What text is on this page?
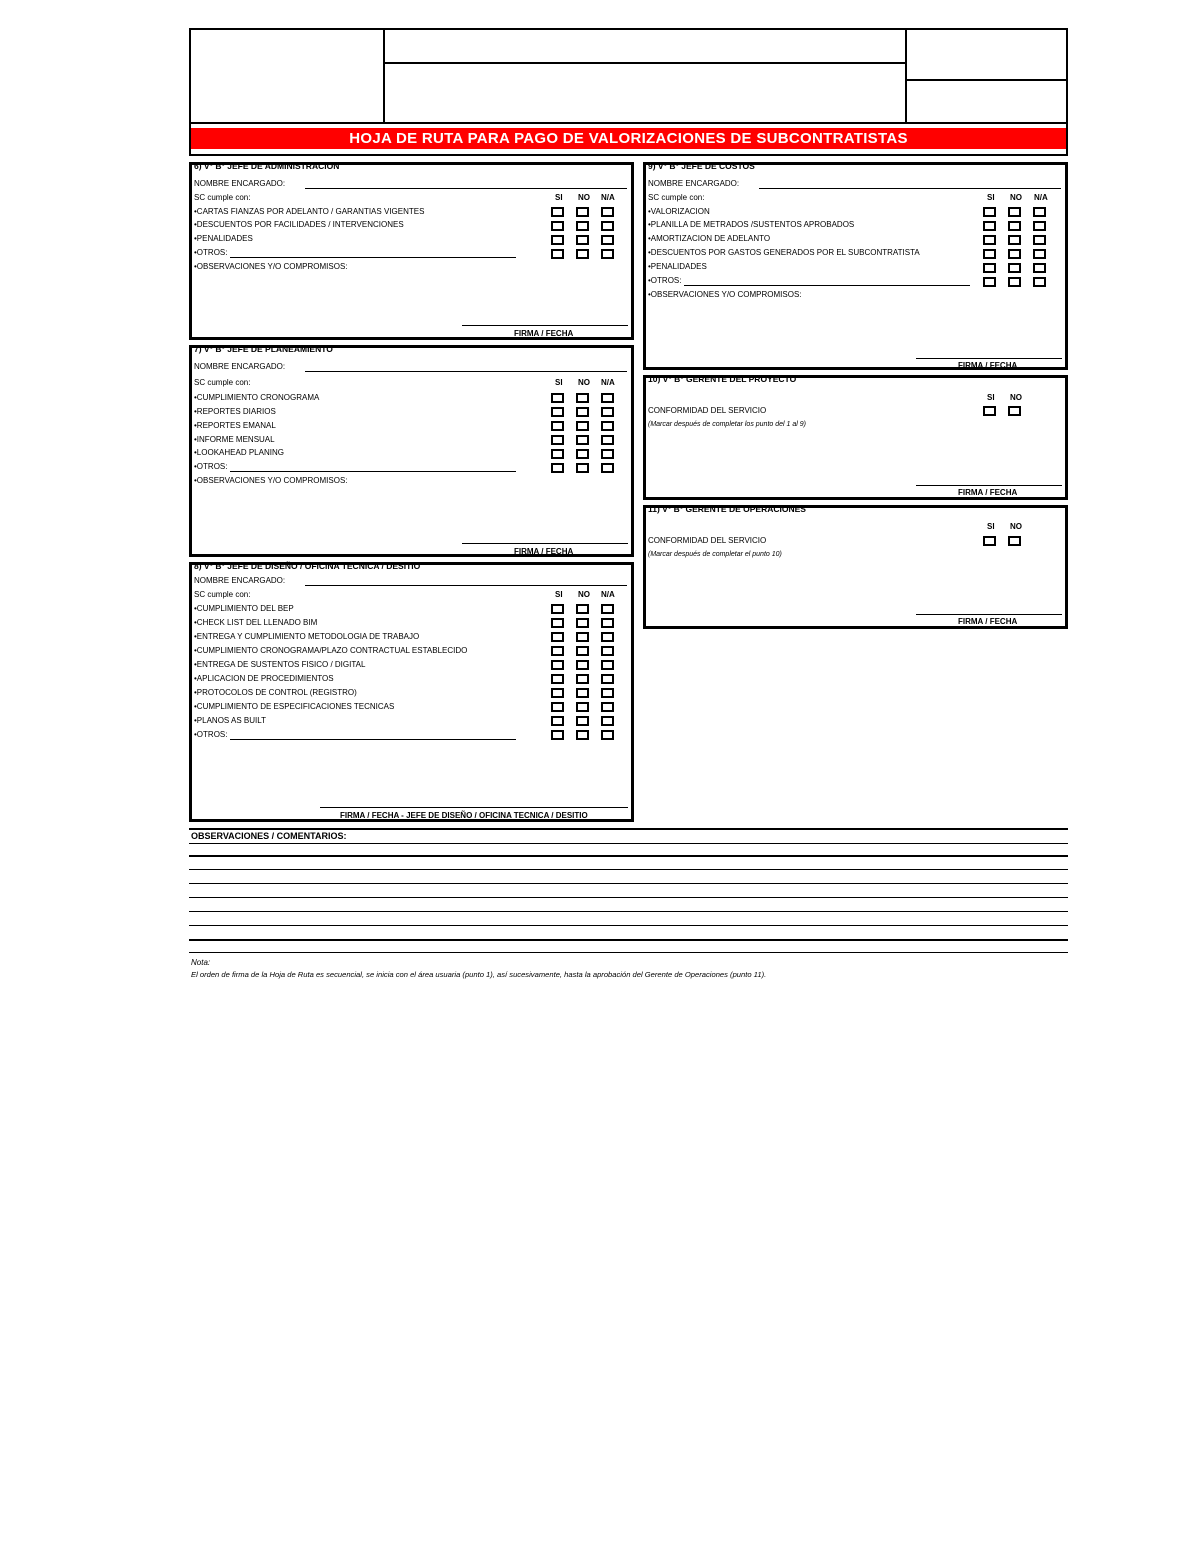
HOJA DE RUTA PARA PAGO DE VALORIZACIONES DE SUBCONTRATISTAS
6) V° B° JEFE DE ADMINISTRACION
NOMBRE ENCARGADO:
SC cumple con:	SI NO N/A
•CARTAS FIANZAS POR ADELANTO / GARANTIAS VIGENTES
•DESCUENTOS POR FACILIDADES / INTERVENCIONES
•PENALIDADES
•OTROS:
•OBSERVACIONES Y/O COMPROMISOS:
FIRMA / FECHA
7) V° B° JEFE DE PLANEAMIENTO
NOMBRE ENCARGADO:
SC cumple con:	SI NO N/A
•CUMPLIMIENTO CRONOGRAMA
•REPORTES DIARIOS
•REPORTES EMANAL
•INFORME MENSUAL
•LOOKAHEAD PLANING
•OTROS:
•OBSERVACIONES Y/O COMPROMISOS:
FIRMA / FECHA
8) V° B° JEFE DE DISEÑO / OFICINA TECNICA / DESITIO
NOMBRE ENCARGADO:
SC cumple con:	SI NO N/A
•CUMPLIMIENTO DEL BEP
•CHECK LIST DEL LLENADO BIM
•ENTREGA Y CUMPLIMIENTO METODOLOGIA DE TRABAJO
•CUMPLIMIENTO CRONOGRAMA/PLAZO CONTRACTUAL ESTABLECIDO
•ENTREGA DE SUSTENTOS FISICO / DIGITAL
•APLICACION DE PROCEDIMIENTOS
•PROTOCOLOS DE CONTROL (REGISTRO)
•CUMPLIMIENTO DE ESPECIFICACIONES TECNICAS
•PLANOS AS BUILT
•OTROS:
FIRMA / FECHA - JEFE DE DISEÑO / OFICINA TECNICA / DESITIO
9) V° B° JEFE DE COSTOS
NOMBRE ENCARGADO:
SC cumple con:	SI NO N/A
•VALORIZACION
•PLANILLA DE METRADOS /SUSTENTOS APROBADOS
•AMORTIZACION DE ADELANTO
•DESCUENTOS POR GASTOS GENERADOS POR EL SUBCONTRATISTA
•PENALIDADES
•OTROS:
•OBSERVACIONES Y/O COMPROMISOS:
FIRMA / FECHA
10) V° B° GERENTE DEL PROYECTO
SI NO
CONFORMIDAD DEL SERVICIO
(Marcar después de completar los punto del 1 al 9)
FIRMA / FECHA
11) V° B° GERENTE DE OPERACIONES
SI NO
CONFORMIDAD DEL SERVICIO
(Marcar después de completar el punto 10)
FIRMA / FECHA
OBSERVACIONES / COMENTARIOS:
Nota:
El orden de firma de la Hoja de Ruta es secuencial, se inicia con el área usuaria (punto 1), así sucesivamente, hasta la aprobación del Gerente de Operaciones (punto 11).
